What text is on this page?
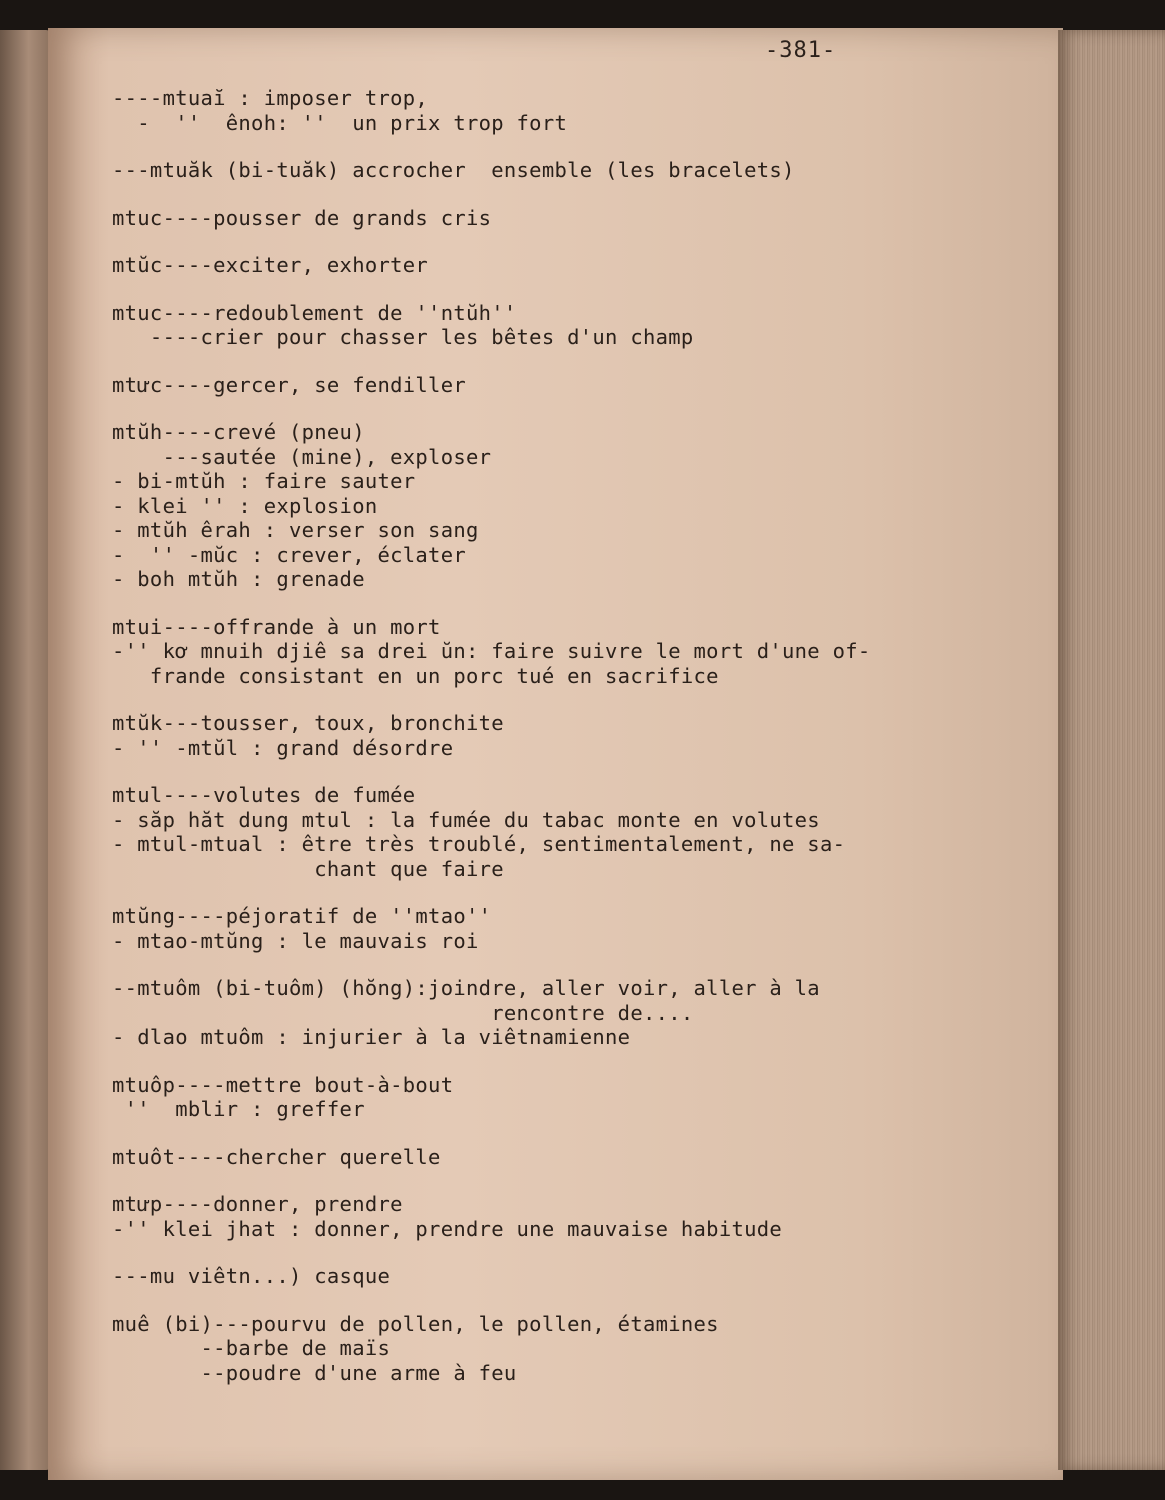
-381-
----mtuaĭ : imposer trop,
-  ''  ênoh: ''  un prix trop fort
---mtuăk (bi-tuăk) accrocher  ensemble (les bracelets)
mtuc----pousser de grands cris
mtŭc----exciter, exhorter
mtuc----redoublement de ''ntŭh''
----crier pour chasser les bêtes d'un champ
mtưc----gercer, se fendiller
mtŭh----crevé (pneu)
---sautée (mine), exploser
- bi-mtŭh : faire sauter
- klei '' : explosion
- mtŭh êrah : verser son sang
-  '' -mŭc : crever, éclater
- boh mtŭh : grenade
mtui----offrande à un mort
-'' kơ mnuih djiê sa drei ŭn: faire suivre le mort d'une of-
frande consistant en un porc tué en sacrifice
mtŭk---tousser, toux, bronchite
- '' -mtŭl : grand désordre
mtul----volutes de fumée
- săp hăt dung mtul : la fumée du tabac monte en volutes
- mtul-mtual : être très troublé, sentimentalement, ne sa-
chant que faire
mtŭng----péjoratif de ''mtao''
- mtao-mtŭng : le mauvais roi
--mtuôm (bi-tuôm) (hŏng):joindre, aller voir, aller à la
rencontre de....
- dlao mtuôm : injurier à la viêtnamienne
mtuôp----mettre bout-à-bout
''  mblir : greffer
mtuôt----chercher querelle
mtưp----donner, prendre
-'' klei jhat : donner, prendre une mauvaise habitude
---mu viêtn...) casque
muê (bi)---pourvu de pollen, le pollen, étamines
--barbe de maïs
--poudre d'une arme à feu
